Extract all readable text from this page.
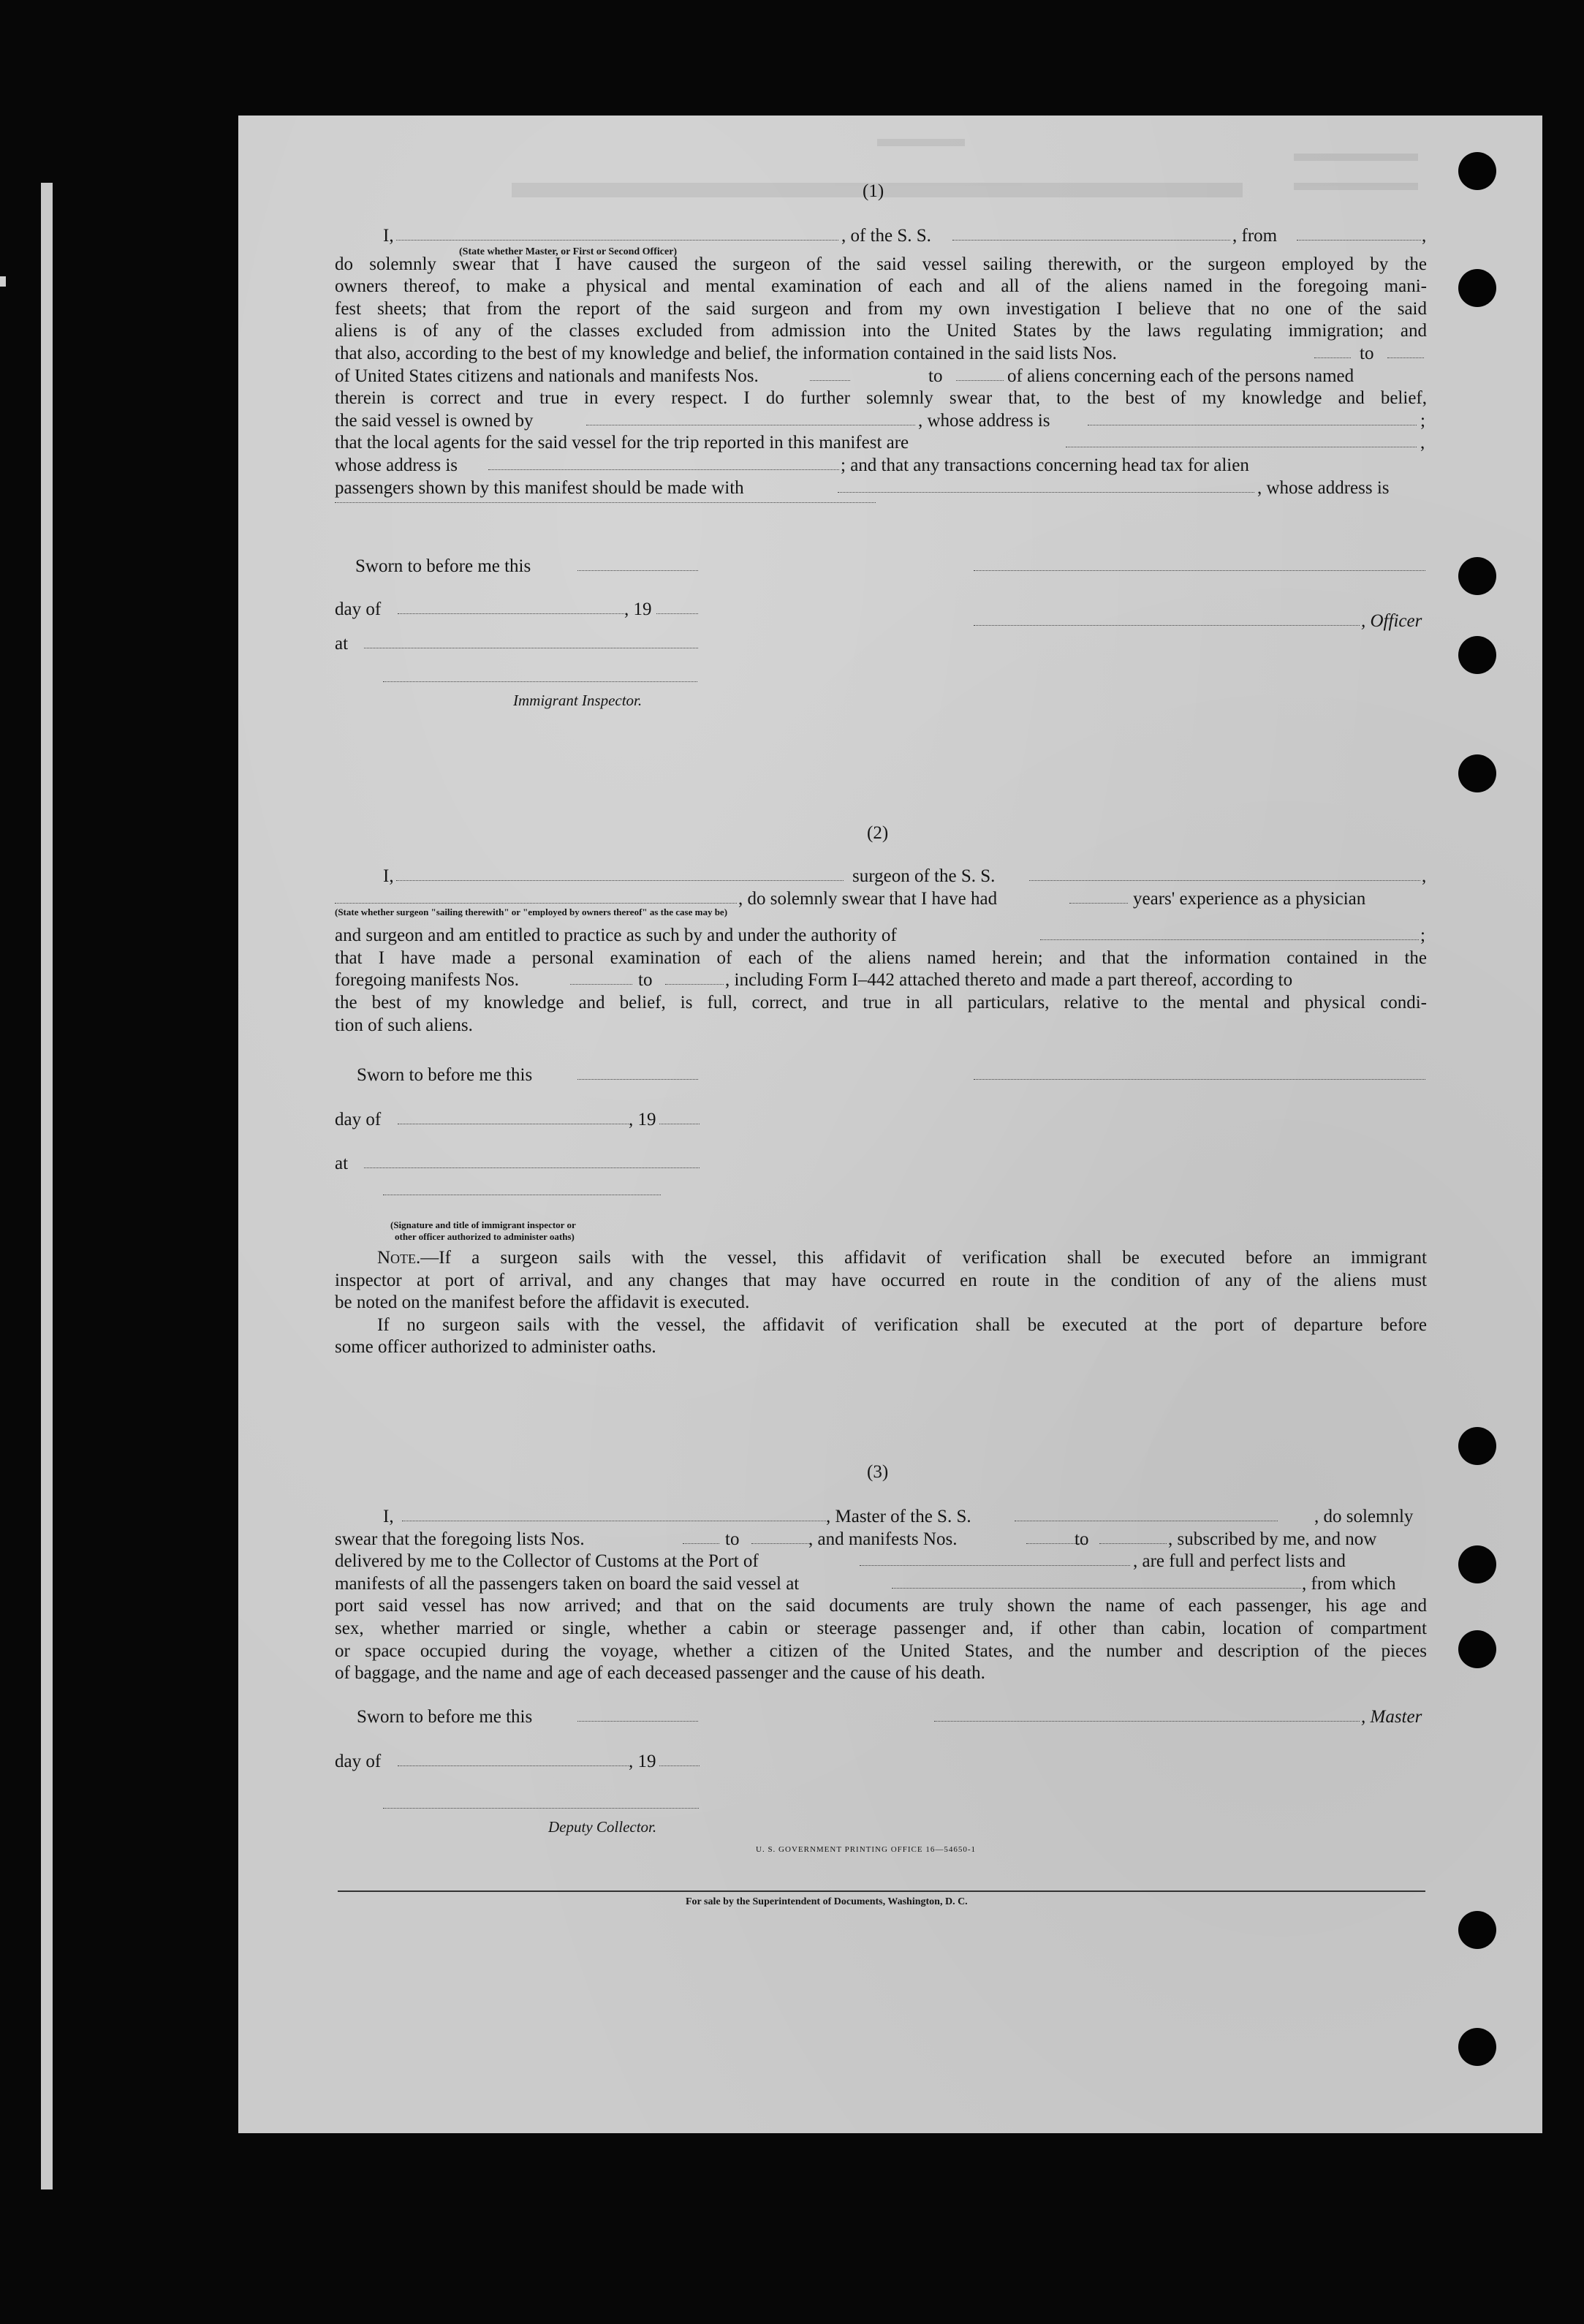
(1)
I,	, of the S. S.	, from	,
(State whether Master, or First or Second Officer)
do solemnly swear that I have caused the surgeon of the said vessel sailing therewith, or the surgeon employed by the
owners thereof, to make a physical and mental examination of each and all of the aliens named in the foregoing mani-
fest sheets; that from the report of the said surgeon and from my own investigation I believe that no one of the said
aliens is of any of the classes excluded from admission into the United States by the laws regulating immigration; and
that also, according to the best of my knowledge and belief, the information contained in the said lists Nos.	to
of United States citizens and nationals and manifests Nos.	to	of aliens concerning each of the persons named
therein is correct and true in every respect. I do further solemnly swear that, to the best of my knowledge and belief,
the said vessel is owned by	, whose address is	;
that the local agents for the said vessel for the trip reported in this manifest are	,
whose address is	; and that any transactions concerning head tax for alien
passengers shown by this manifest should be made with	, whose address is
Sworn to before me this
day of	, 19
, Officer
at
Immigrant Inspector.
(2)
I,	surgeon of the S. S.	,
, do solemnly swear that I have had	years' experience as a physician
(State whether surgeon "sailing therewith" or "employed by owners thereof" as the case may be)
and surgeon and am entitled to practice as such by and under the authority of	;
that I have made a personal examination of each of the aliens named herein; and that the information contained in the
foregoing manifests Nos.	to	, including Form I–442 attached thereto and made a part thereof, according to
the best of my knowledge and belief, is full, correct, and true in all particulars, relative to the mental and physical condi-
tion of such aliens.
Sworn to before me this
day of	, 19
at
(Signature and title of immigrant inspector or
other officer authorized to administer oaths)
Note.—If a surgeon sails with the vessel, this affidavit of verification shall be executed before an immigrant
inspector at port of arrival, and any changes that may have occurred en route in the condition of any of the aliens must
be noted on the manifest before the affidavit is executed.
If no surgeon sails with the vessel, the affidavit of verification shall be executed at the port of departure before
some officer authorized to administer oaths.
(3)
I,	, Master of the S. S.	, do solemnly
swear that the foregoing lists Nos.	to	, and manifests Nos.	to	, subscribed by me, and now
delivered by me to the Collector of Customs at the Port of	, are full and perfect lists and
manifests of all the passengers taken on board the said vessel at	, from which
port said vessel has now arrived; and that on the said documents are truly shown the name of each passenger, his age and
sex, whether married or single, whether a cabin or steerage passenger and, if other than cabin, location of compartment
or space occupied during the voyage, whether a citizen of the United States, and the number and description of the pieces
of baggage, and the name and age of each deceased passenger and the cause of his death.
Sworn to before me this	, Master
day of	, 19
Deputy Collector.
U. S. GOVERNMENT PRINTING OFFICE 16—54650-1
For sale by the Superintendent of Documents, Washington, D. C.
